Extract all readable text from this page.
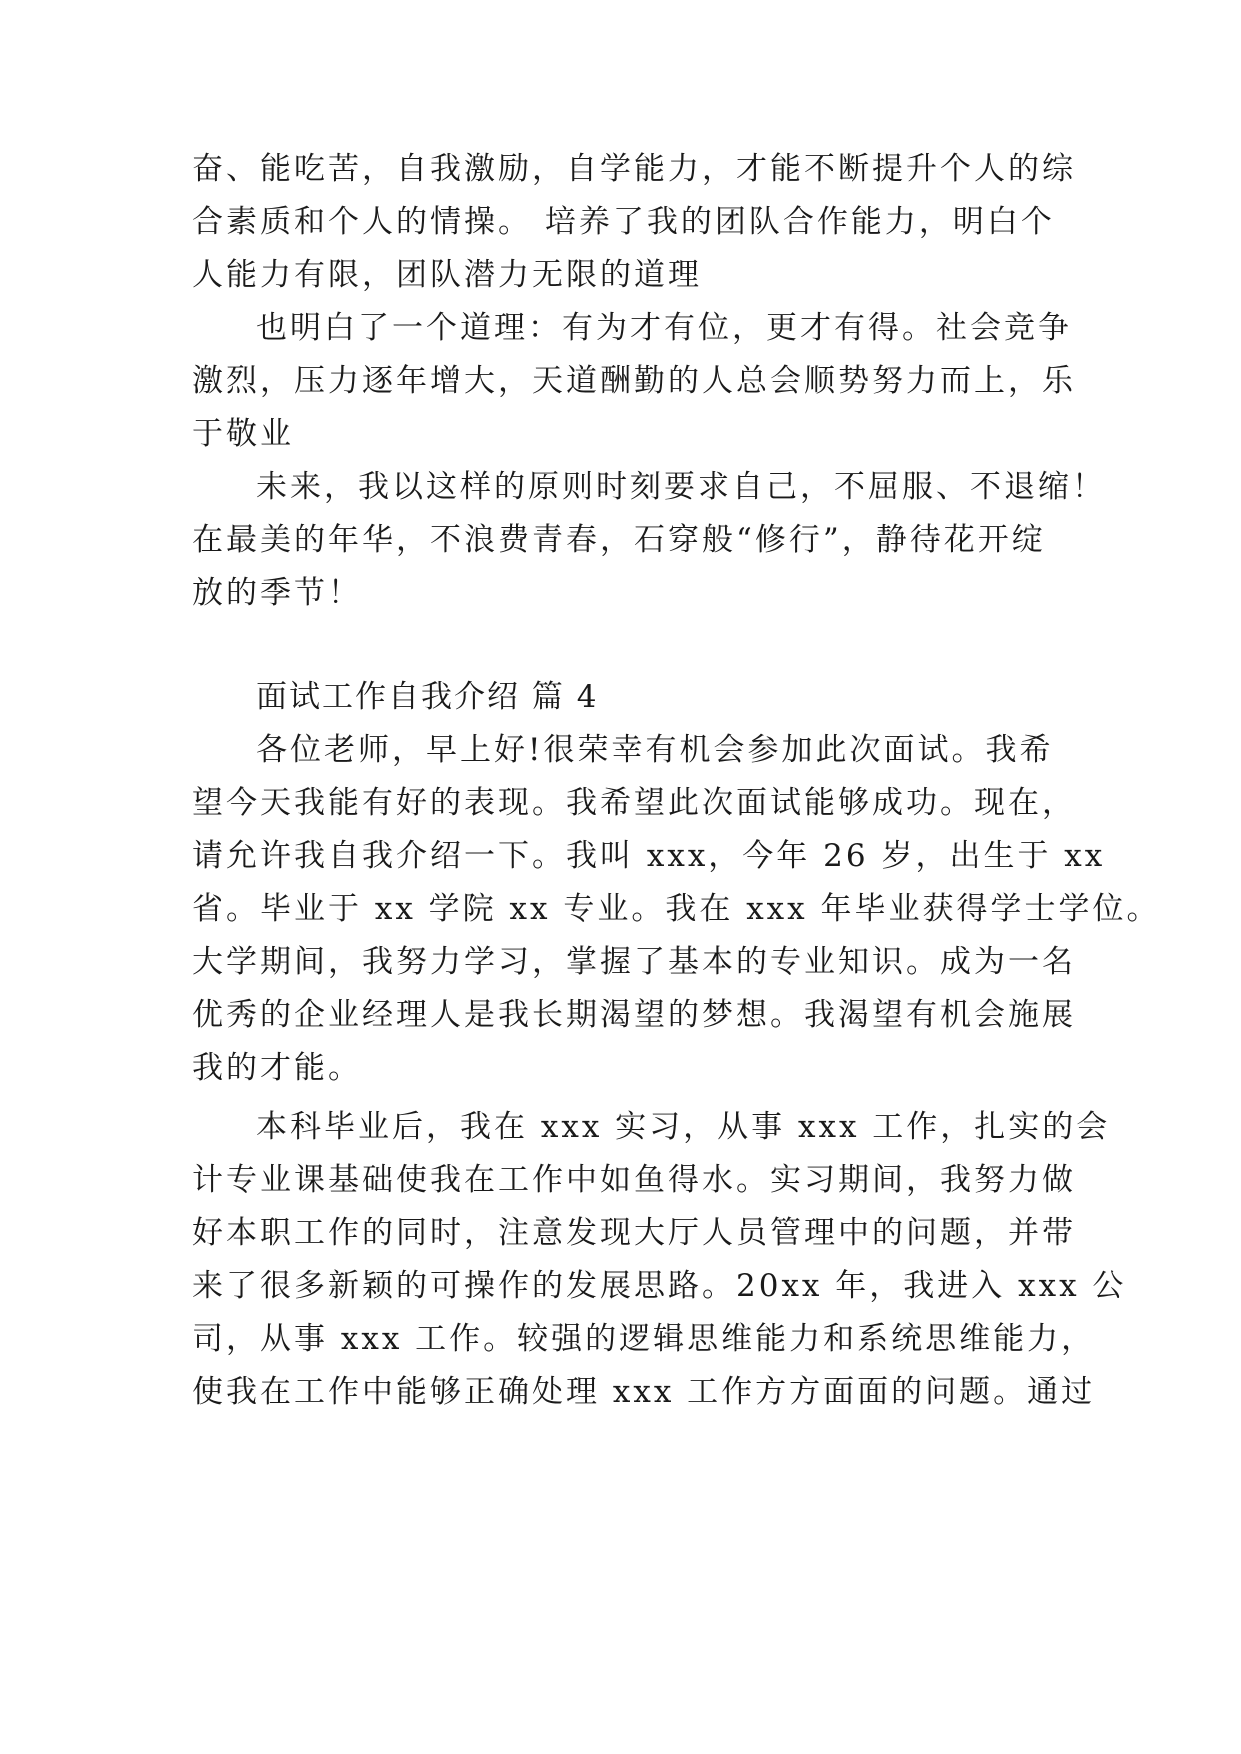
奋、能吃苦，自我激励，自学能力，才能不断提升个人的综
合素质和个人的情操。 培养了我的团队合作能力，明白个
人能力有限，团队潜力无限的道理
也明白了一个道理：有为才有位，更才有得。社会竞争
激烈，压力逐年增大，天道酬勤的人总会顺势努力而上，乐
于敬业
未来，我以这样的原则时刻要求自己，不屈服、不退缩！
在最美的年华，不浪费青春，石穿般“修行”，静待花开绽
放的季节！
面试工作自我介绍 篇 4
各位老师，早上好!很荣幸有机会参加此次面试。我希
望今天我能有好的表现。我希望此次面试能够成功。现在，
请允许我自我介绍一下。我叫 xxx，今年 26 岁，出生于 xx
省。毕业于 xx 学院 xx 专业。我在 xxx 年毕业获得学士学位。
大学期间，我努力学习，掌握了基本的专业知识。成为一名
优秀的企业经理人是我长期渴望的梦想。我渴望有机会施展
我的才能。
本科毕业后，我在 xxx 实习，从事 xxx 工作，扎实的会
计专业课基础使我在工作中如鱼得水。实习期间，我努力做
好本职工作的同时，注意发现大厅人员管理中的问题，并带
来了很多新颖的可操作的发展思路。20xx 年，我进入 xxx 公
司，从事 xxx 工作。较强的逻辑思维能力和系统思维能力，
使我在工作中能够正确处理 xxx 工作方方面面的问题。通过
